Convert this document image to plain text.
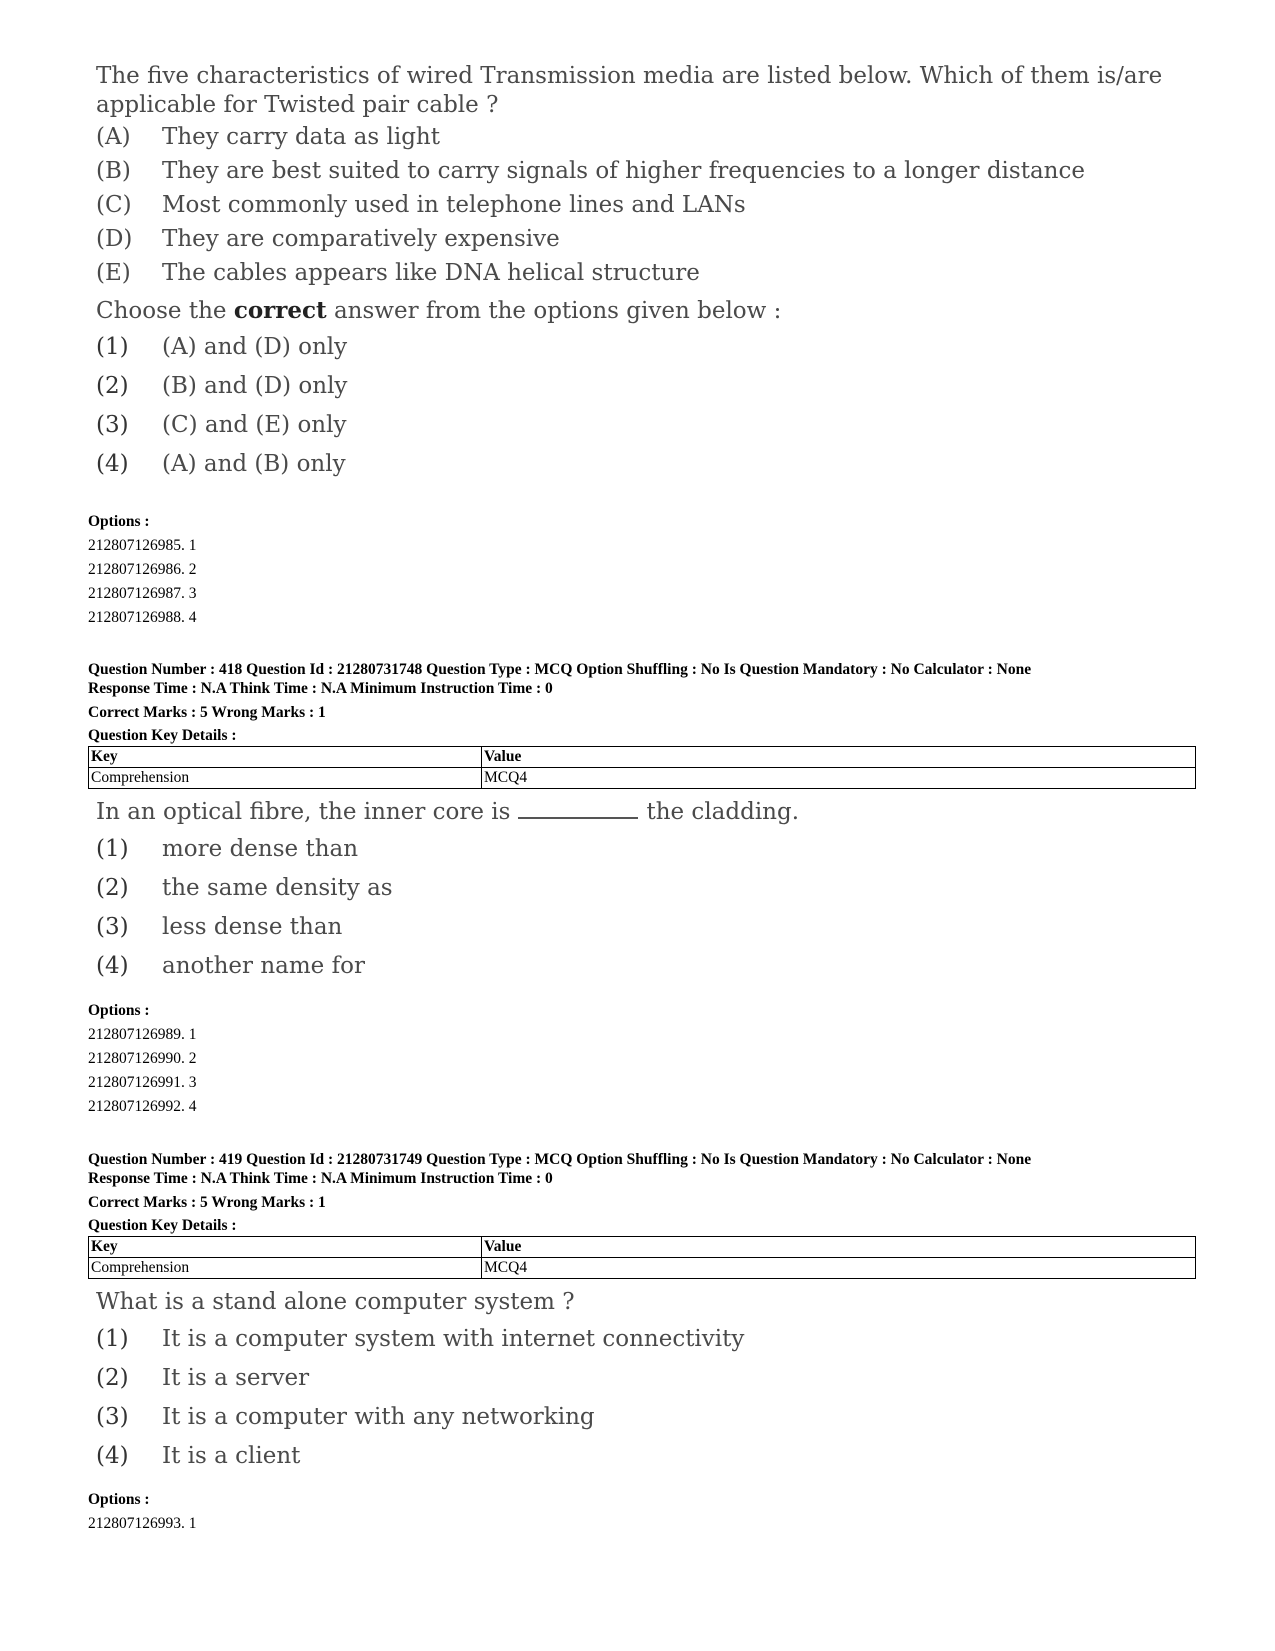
The five characteristics of wired Transmission media are listed below. Which of them is/are
applicable for Twisted pair cable ?
(A) They carry data as light
(B) They are best suited to carry signals of higher frequencies to a longer distance
(C) Most commonly used in telephone lines and LANs
(D) They are comparatively expensive
(E) The cables appears like DNA helical structure
Choose the correct answer from the options given below :
(1) (A) and (D) only
(2) (B) and (D) only
(3) (C) and (E) only
(4) (A) and (B) only
Options :
212807126985. 1
212807126986. 2
212807126987. 3
212807126988. 4
Question Number : 418 Question Id : 21280731748 Question Type : MCQ Option Shuffling : No Is Question Mandatory : No Calculator : None
Response Time : N.A Think Time : N.A Minimum Instruction Time : 0
Correct Marks : 5 Wrong Marks : 1
Question Key Details :
Key	Value
Comprehension	MCQ4
In an optical fibre, the inner core is	the cladding.
(1) more dense than
(2) the same density as
(3) less dense than
(4) another name for
Options :
212807126989. 1
212807126990. 2
212807126991. 3
212807126992. 4
Question Number : 419 Question Id : 21280731749 Question Type : MCQ Option Shuffling : No Is Question Mandatory : No Calculator : None
Response Time : N.A Think Time : N.A Minimum Instruction Time : 0
Correct Marks : 5 Wrong Marks : 1
Question Key Details :
Key	Value
Comprehension	MCQ4
What is a stand alone computer system ?
(1) It is a computer system with internet connectivity
(2) It is a server
(3) It is a computer with any networking
(4) It is a client
Options :
212807126993. 1
